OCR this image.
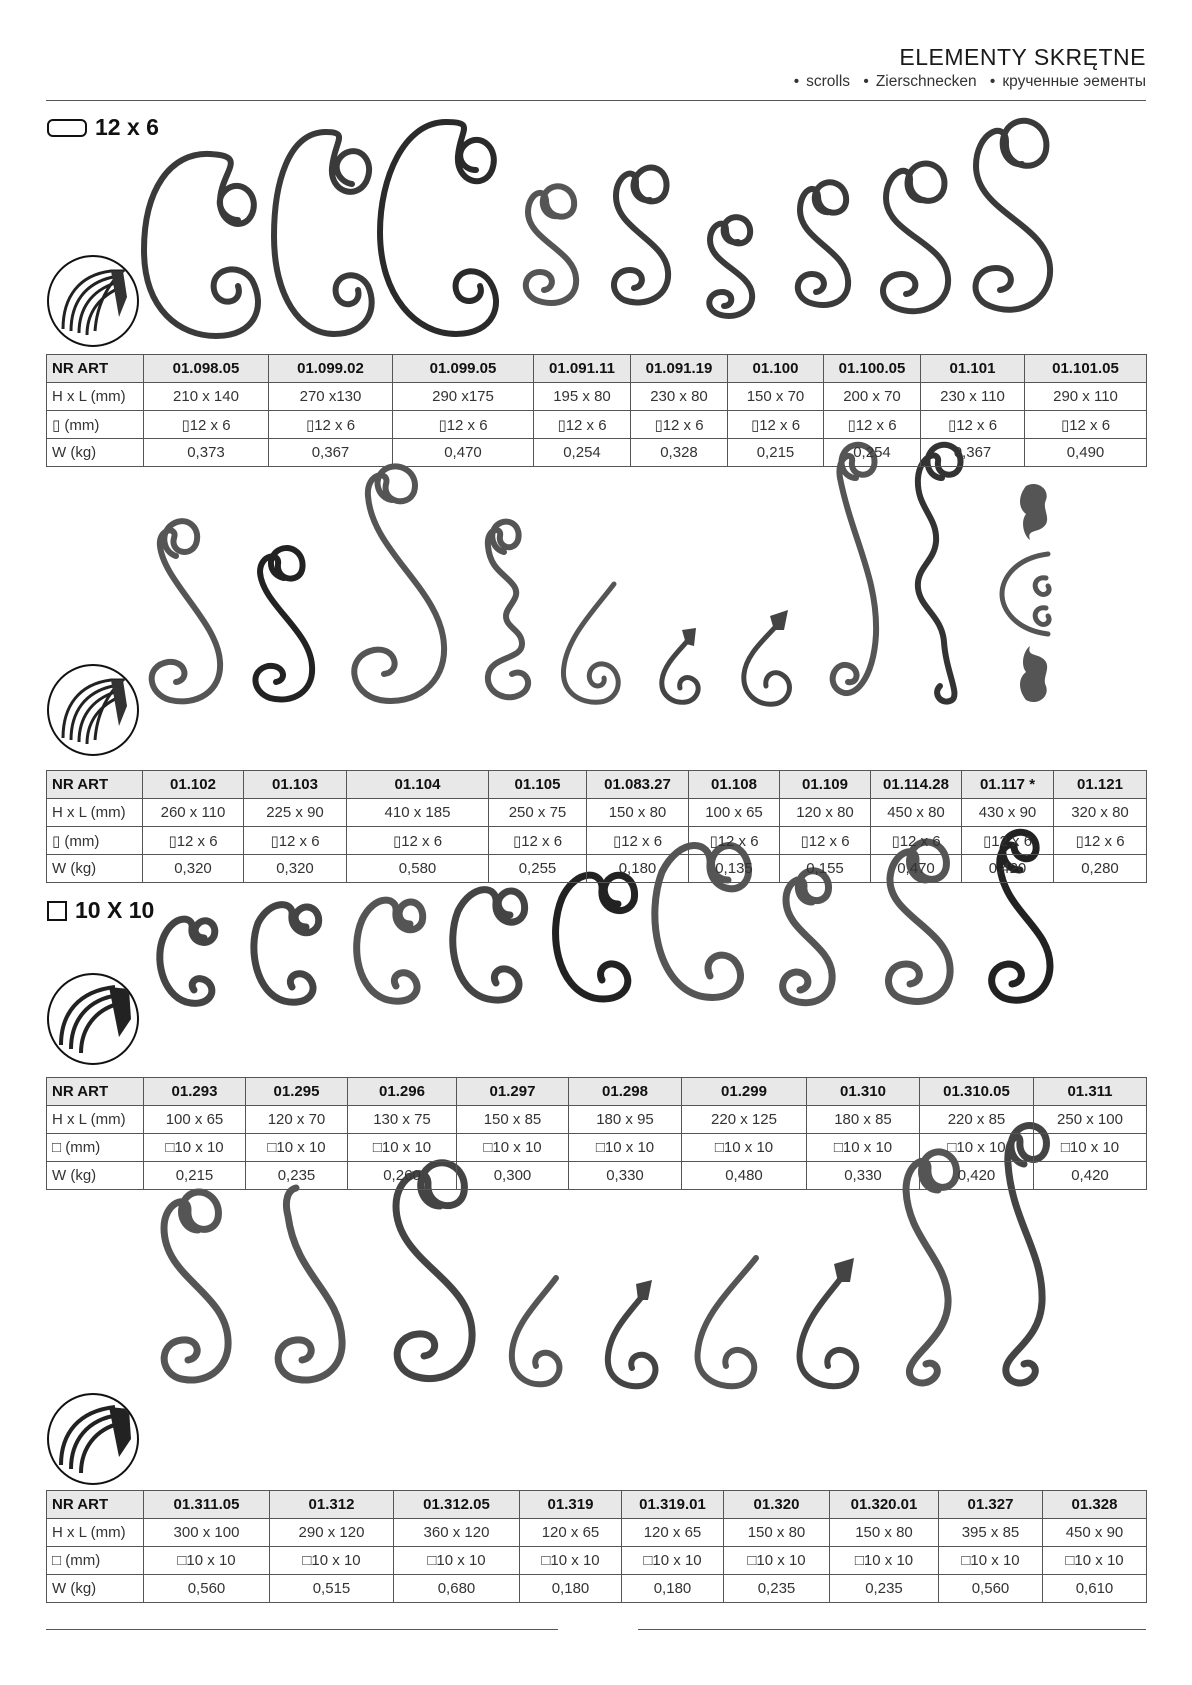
ELEMENTY SKRĘTNE
• scrolls • Zierschnecken • крученные эементы
12 x 6
10 X 10
NR ART	01.098.05	01.099.02	01.099.05	01.091.11	01.091.19	01.100	01.100.05	01.101	01.101.05
H x L (mm)	210 x 140	270 x130	290 x175	195 x 80	230 x 80	150 x 70	200 x 70	230 x 110	290 x 110
▯ (mm)	▯12 x 6	▯12 x 6	▯12 x 6	▯12 x 6	▯12 x 6	▯12 x 6	▯12 x 6	▯12 x 6	▯12 x 6
W (kg)	0,373	0,367	0,470	0,254	0,328	0,215	0,254	0,367	0,490
NR ART	01.102	01.103	01.104	01.105	01.083.27	01.108	01.109	01.114.28	01.117 *	01.121
H x L (mm)	260 x 110	225 x 90	410 x 185	250 x 75	150 x 80	100 x 65	120 x 80	450 x 80	430 x 90	320 x 80
▯ (mm)	▯12 x 6	▯12 x 6	▯12 x 6	▯12 x 6	▯12 x 6	▯12 x 6	▯12 x 6	▯12 x 6	▯12 x 6	▯12 x 6
W (kg)	0,320	0,320	0,580	0,255	0,180	0,135	0,155	0,470	0,420	0,280
NR ART	01.293	01.295	01.296	01.297	01.298	01.299	01.310	01.310.05	01.311
H x L (mm)	100 x 65	120 x 70	130 x 75	150 x 85	180 x 95	220 x 125	180 x 85	220 x 85	250 x 100
□ (mm)	□10 x 10	□10 x 10	□10 x 10	□10 x 10	□10 x 10	□10 x 10	□10 x 10	□10 x 10	□10 x 10
W (kg)	0,215	0,235	0,260	0,300	0,330	0,480	0,330	0,420	0,420
NR ART	01.311.05	01.312	01.312.05	01.319	01.319.01	01.320	01.320.01	01.327	01.328
H x L (mm)	300 x 100	290 x 120	360 x 120	120 x 65	120 x 65	150 x 80	150 x 80	395 x 85	450 x 90
□ (mm)	□10 x 10	□10 x 10	□10 x 10	□10 x 10	□10 x 10	□10 x 10	□10 x 10	□10 x 10	□10 x 10
W (kg)	0,560	0,515	0,680	0,180	0,180	0,235	0,235	0,560	0,610
